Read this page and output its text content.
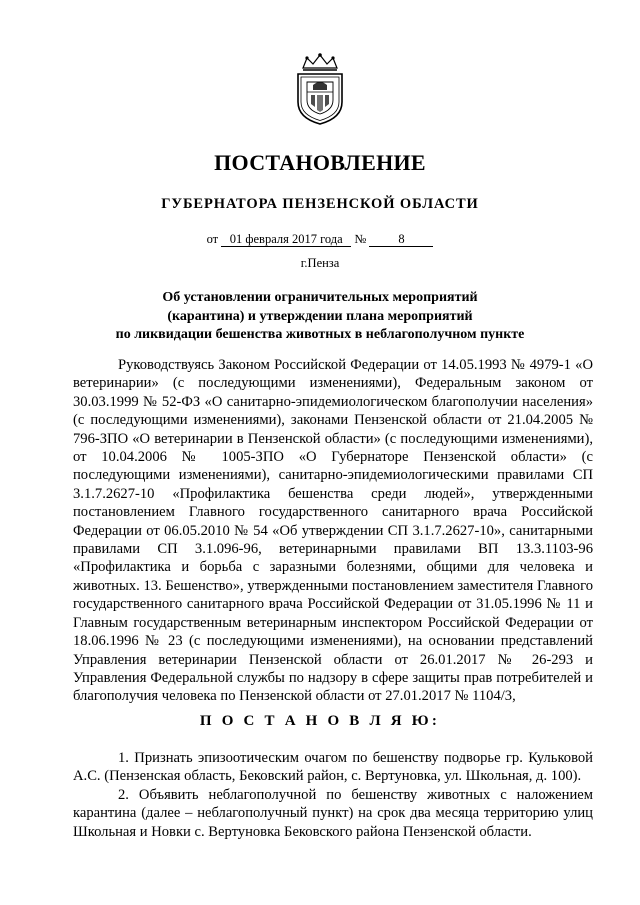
ПОСТАНОВЛЕНИЕ
ГУБЕРНАТОРА ПЕНЗЕНСКОЙ ОБЛАСТИ
от 01 февраля 2017 года №	8
г.Пенза
Об установлении ограничительных мероприятий
(карантина) и утверждении плана мероприятий
по ликвидации бешенства животных в неблагополучном пункте

Руководствуясь Законом Российской Федерации от 14.05.1993 № 4979-1 «О ветеринарии» (с последующими изменениями), Федеральным законом от 30.03.1999 № 52-ФЗ «О санитарно-эпидемиологическом благополучии населения» (с последующими изменениями), законами Пензенской области от 21.04.2005 № 796-ЗПО «О ветеринарии в Пензенской области» (с последующими изменениями), от 10.04.2006 № 1005-ЗПО «О Губернаторе Пензенской области» (с последующими изменениями), санитарно-эпидемиологическими правилами СП 3.1.7.2627-10 «Профилактика бешенства среди людей», утвержденными постановлением Главного государственного санитарного врача Российской Федерации от 06.05.2010 № 54 «Об утверждении СП 3.1.7.2627-10», санитарными правилами СП 3.1.096-96, ветеринарными правилами ВП 13.3.1103-96 «Профилактика и борьба с заразными болезнями, общими для человека и животных. 13. Бешенство», утвержденными постановлением заместителя Главного государственного санитарного врача Российской Федерации от 31.05.1996 № 11 и Главным государственным ветеринарным инспектором Российской Федерации от 18.06.1996 № 23 (с последующими изменениями), на основании представлений Управления ветеринарии Пензенской области от 26.01.2017 № 26-293 и Управления Федеральной службы по надзору в сфере защиты прав потребителей и благополучия человека по Пензенской области от 27.01.2017 № 1104/3,

П О С Т А Н О В Л Я Ю:

1. Признать эпизоотическим очагом по бешенству подворье гр. Кульковой А.С. (Пензенская область, Бековский район, с. Вертуновка, ул. Школьная, д. 100).

2. Объявить неблагополучной по бешенству животных с наложением карантина (далее – неблагополучный пункт) на срок два месяца территорию улиц Школьная и Новки с. Вертуновка Бековского района Пензенской области.
